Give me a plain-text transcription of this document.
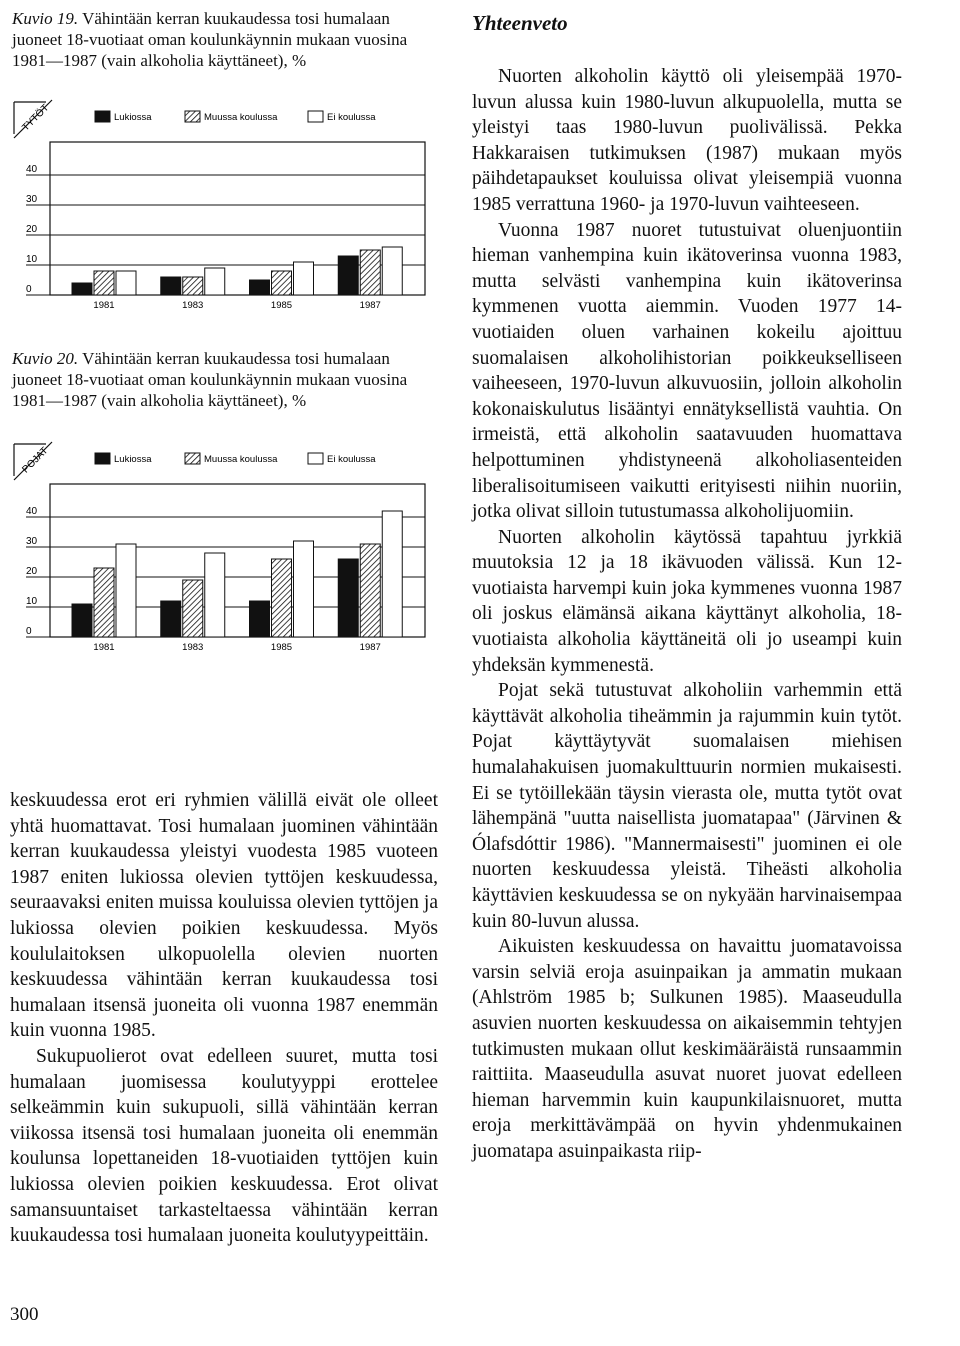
Kuvio 19. Vähintään kerran kuukaudessa tosi humalaan juoneet 18-vuotiaat oman koulunkäynnin mukaan vuosina 1981—1987 (vain alkoholia käyttäneet), %
TYTÖT	Lukiossa	Muussa koulussa	Ei koulussa
0
10
20
30
40
1981	1983	1985	1987
Kuvio 20. Vähintään kerran kuukaudessa tosi humalaan juoneet 18-vuotiaat oman koulunkäynnin mukaan vuosina 1981—1987 (vain alkoholia käyttäneet), %
POJAT	Lukiossa	Muussa koulussa	Ei koulussa
0
10
20
30
40
1981	1983	1985	1987

keskuudessa erot eri ryhmien välillä eivät ole olleet yhtä huomattavat. Tosi humalaan juominen vähintään kerran kuukaudessa yleistyi vuodesta 1985 vuoteen 1987 eniten lukiossa olevien tyttöjen keskuudessa, seuraavaksi eniten muissa kouluissa olevien tyttöjen ja lukiossa olevien poikien keskuudessa. Myös koululaitoksen ulkopuolella olevien nuorten keskuudessa vähintään kerran kuukaudessa tosi humalaan itsensä juoneita oli vuonna 1987 enemmän kuin vuonna 1985.

Sukupuolierot ovat edelleen suuret, mutta tosi humalaan juomisessa koulutyyppi erottelee selkeämmin kuin sukupuoli, sillä vähintään kerran viikossa itsensä tosi humalaan juoneita oli enemmän koulunsa lopettaneiden 18-vuotiaiden tyttöjen kuin lukiossa olevien poikien keskuudessa. Erot olivat samansuuntaiset tarkasteltaessa vähintään kerran kuukaudessa tosi humalaan juoneita koulutyypeittäin.

Yhteenveto

Nuorten alkoholin käyttö oli yleisempää 1970-luvun alussa kuin 1980-luvun alkupuolella, mutta se yleistyi taas 1980-luvun puolivälissä. Pekka Hakkaraisen tutkimuksen (1987) mukaan myös päihdetapaukset kouluissa olivat yleisempiä vuonna 1985 verrattuna 1960- ja 1970-luvun vaihteeseen.

Vuonna 1987 nuoret tutustuivat oluenjuontiin hieman vanhempina kuin ikätoverinsa vuonna 1983, mutta selvästi vanhempina kuin ikätoverinsa kymmenen vuotta aiemmin. Vuoden 1977 14-vuotiaiden oluen varhainen kokeilu ajoittuu suomalaisen alkoholihistorian poikkeukselliseen vaiheeseen, 1970-luvun alkuvuosiin, jolloin alkoholin kokonaiskulutus lisääntyi ennätyksellistä vauhtia. On irmeistä, että alkoholin saatavuuden huomattava helpottuminen yhdistyneenä alkoholiasenteiden liberalisoitumiseen vaikutti erityisesti niihin nuoriin, jotka olivat silloin tutustumassa alkoholijuomiin.

Nuorten alkoholin käytössä tapahtuu jyrkkiä muutoksia 12 ja 18 ikävuoden välissä. Kun 12-vuotiaista harvempi kuin joka kymmenes vuonna 1987 oli joskus elämänsä aikana käyttänyt alkoholia, 18-vuotiaista alkoholia käyttäneitä oli jo useampi kuin yhdeksän kymmenestä.

Pojat sekä tutustuvat alkoholiin varhemmin että käyttävät alkoholia tiheämmin ja rajummin kuin tytöt. Pojat käyttäytyvät suomalaisen miehisen humalahakuisen juomakulttuurin normien mukaisesti. Ei se tytöillekään täysin vierasta ole, mutta tytöt ovat lähempänä "uutta naisellista juomatapaa" (Järvinen & Ólafsdóttir 1986). "Mannermaisesti" juominen ei ole nuorten keskuudessa yleistä. Tiheästi alkoholia käyttävien keskuudessa se on nykyään harvinaisempaa kuin 80-luvun alussa.

Aikuisten keskuudessa on havaittu juomatavoissa varsin selviä eroja asuinpaikan ja ammatin mukaan (Ahlström 1985 b; Sulkunen 1985). Maaseudulla asuvien nuorten keskuudessa on aikaisemmin tehtyjen tutkimusten mukaan ollut keskimääräistä runsaammin raittiita. Maaseudulla asuvat nuoret juovat edelleen hieman harvemmin kuin kaupunkilaisnuoret, mutta eroja merkittävämpää on hyvin yhdenmukainen juomatapa asuinpaikasta riip-

300
